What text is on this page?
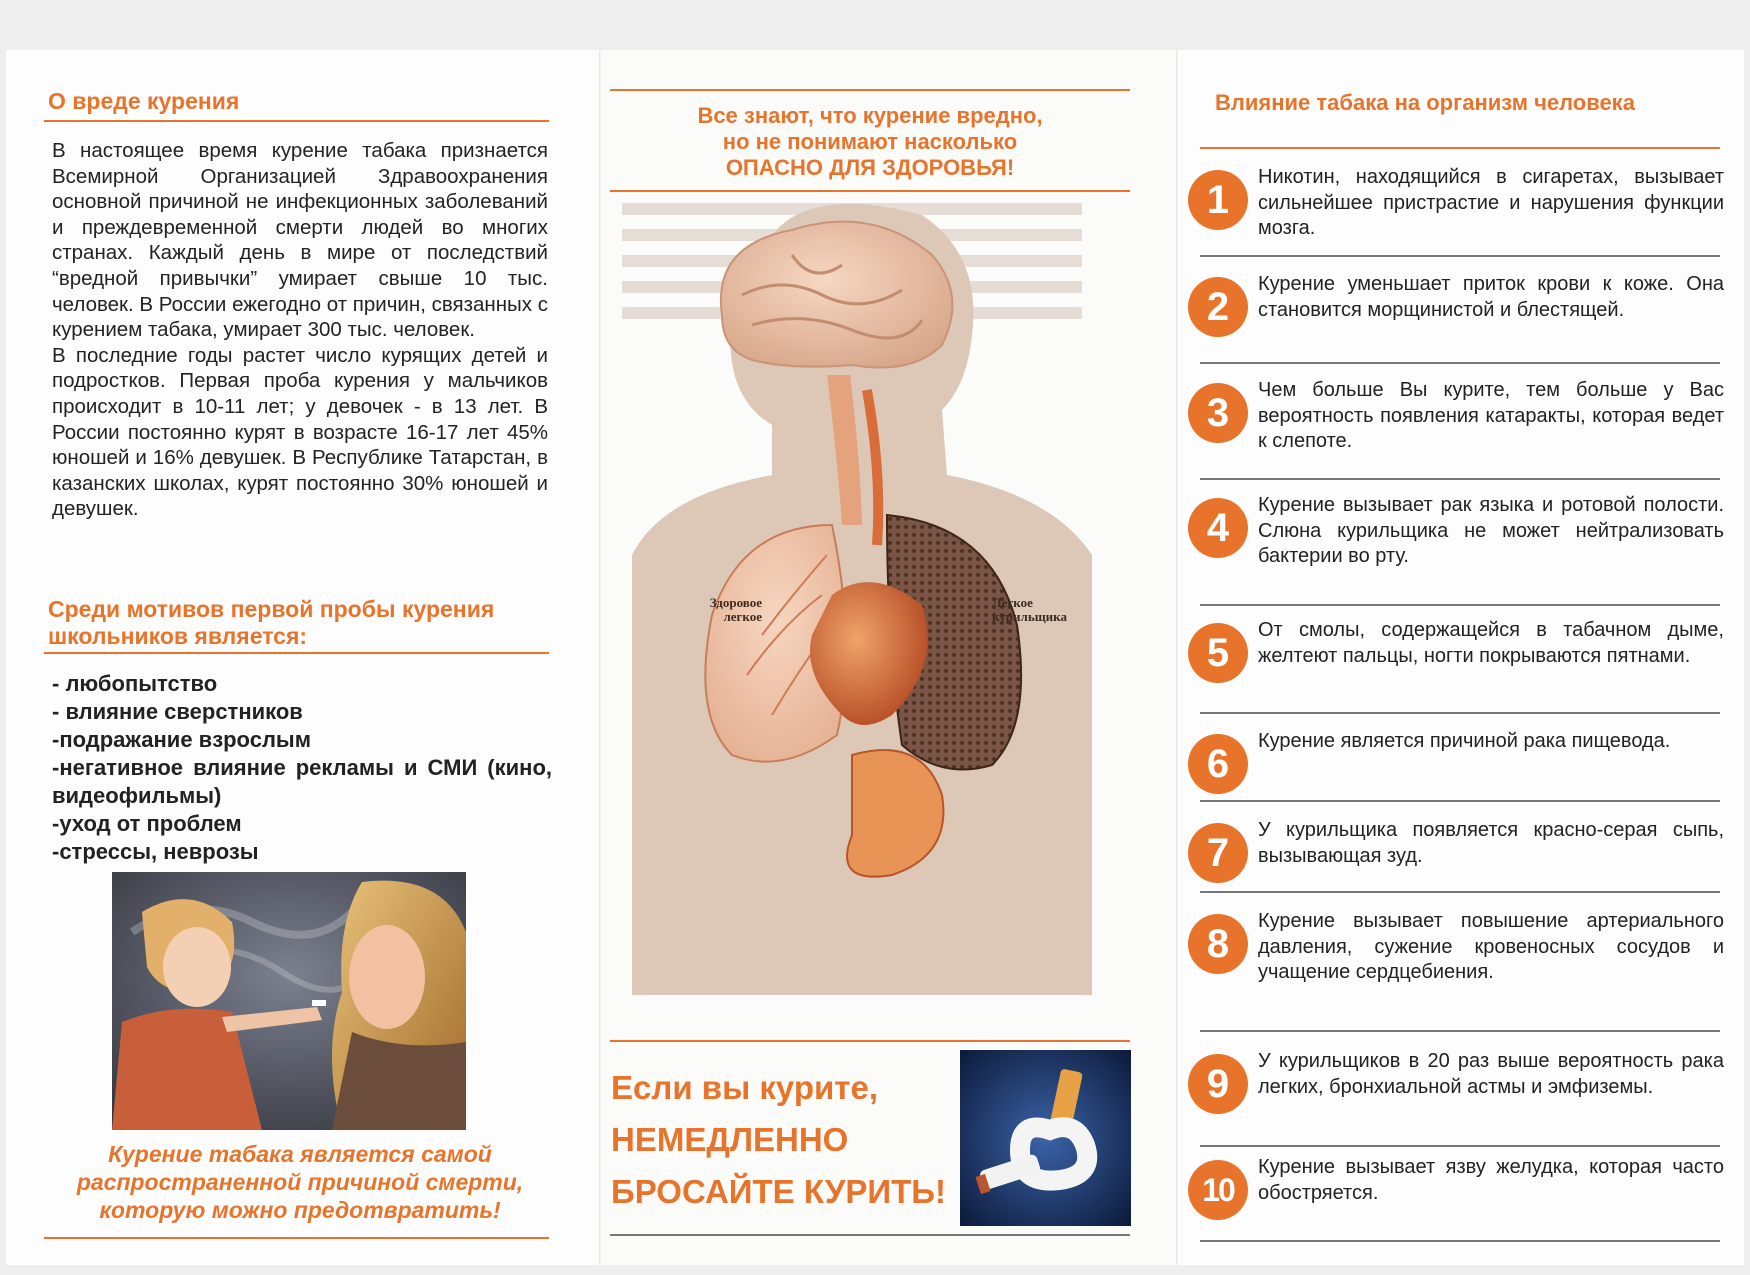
О вреде курения

В настоящее время курение табака признается Всемирной Организацией Здравоохранения основной причиной не инфекционных заболеваний и преждевременной смерти людей во многих странах. Каждый день в мире от последствий “вредной привычки” умирает свыше 10 тыс. человек. В России ежегодно от причин, связанных с курением табака, умирает 300 тыс. человек.

В последние годы растет число курящих детей и подростков. Первая проба курения у мальчиков происходит в 10-11 лет; у девочек - в 13 лет. В России постоянно курят в возрасте 16-17 лет 45% юношей и 16% девушек. В Республике Татарстан, в казанских школах, курят постоянно 30% юношей и девушек.

Среди мотивов первой пробы курения школьников является:
- любопытство
- влияние сверстников
-подражание взрослым
-негативное влияние рекламы и СМИ (кино, видеофильмы)
-уход от проблем
-стрессы, неврозы
Курение табака является самой распространенной причиной смерти, которую можно предотвратить!
Все знают, что курение вредно,
но не понимают насколько
ОПАСНО ДЛЯ ЗДОРОВЬЯ!
Здоровое легкое
Легкое курильщика
Если вы курите,
НЕМЕДЛЕННО
БРОСАЙТЕ КУРИТЬ!
Влияние табака на организм человека
1
Никотин, находящийся в сигаретах, вызывает сильнейшее пристрастие и нарушения функции мозга.
2
Курение уменьшает приток крови к коже. Она становится морщинистой и блестящей.
3
Чем больше Вы курите, тем больше у Вас вероятность появления катаракты, которая ведет к слепоте.
4
Курение вызывает рак языка и ротовой полости. Слюна курильщика не может нейтрализовать бактерии во рту.
5
От смолы, содержащейся в табачном дыме, желтеют пальцы, ногти покрываются пятнами.
6
Курение является причиной рака пищевода.
7
У курильщика появляется красно-серая сыпь, вызывающая зуд.
8
Курение вызывает повышение артериального давления, сужение кровеносных сосудов и учащение сердцебиения.
9
У курильщиков в 20 раз выше вероятность рака легких, бронхиальной астмы и эмфиземы.
10
Курение вызывает язву желудка, которая часто обостряется.
